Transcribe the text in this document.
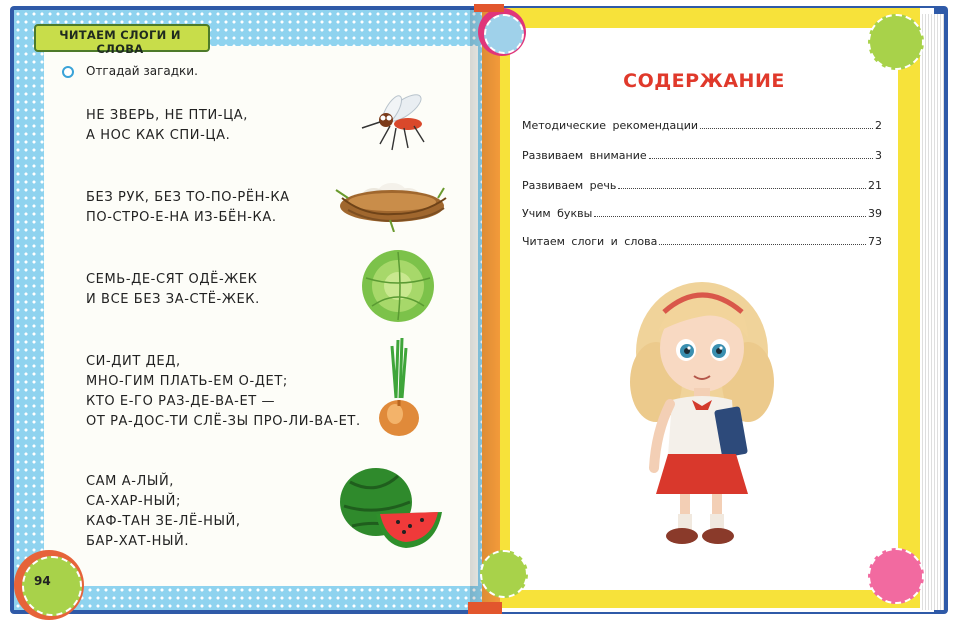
ЧИТАЕМ СЛОГИ И СЛОВА
Отгадай загадки.
НЕ ЗВЕРЬ, НЕ ПТИ-ЦА,
А НОС КАК СПИ-ЦА.
БЕЗ РУК, БЕЗ ТО-ПО-РЁН-КА
ПО-СТРО-Е-НА ИЗ-БЁН-КА.
СЕМЬ-ДЕ-СЯТ ОДЁ-ЖЕК
И ВСЕ БЕЗ ЗА-СТЁ-ЖЕК.
СИ-ДИТ ДЕД,
МНО-ГИМ ПЛАТЬ-ЕМ О-ДЕТ;
КТО Е-ГО РАЗ-ДЕ-ВА-ЕТ —
ОТ РА-ДОС-ТИ СЛЁ-ЗЫ ПРО-ЛИ-ВА-ЕТ.
САМ А-ЛЫЙ,
СА-ХАР-НЫЙ;
КАФ-ТАН ЗЕ-ЛЁ-НЫЙ,
БАР-ХАТ-НЫЙ.
94
СОДЕРЖАНИЕ
Методические рекомендации	2
Развиваем внимание	3
Развиваем речь	21
Учим буквы	39
Читаем слоги и слова	73
